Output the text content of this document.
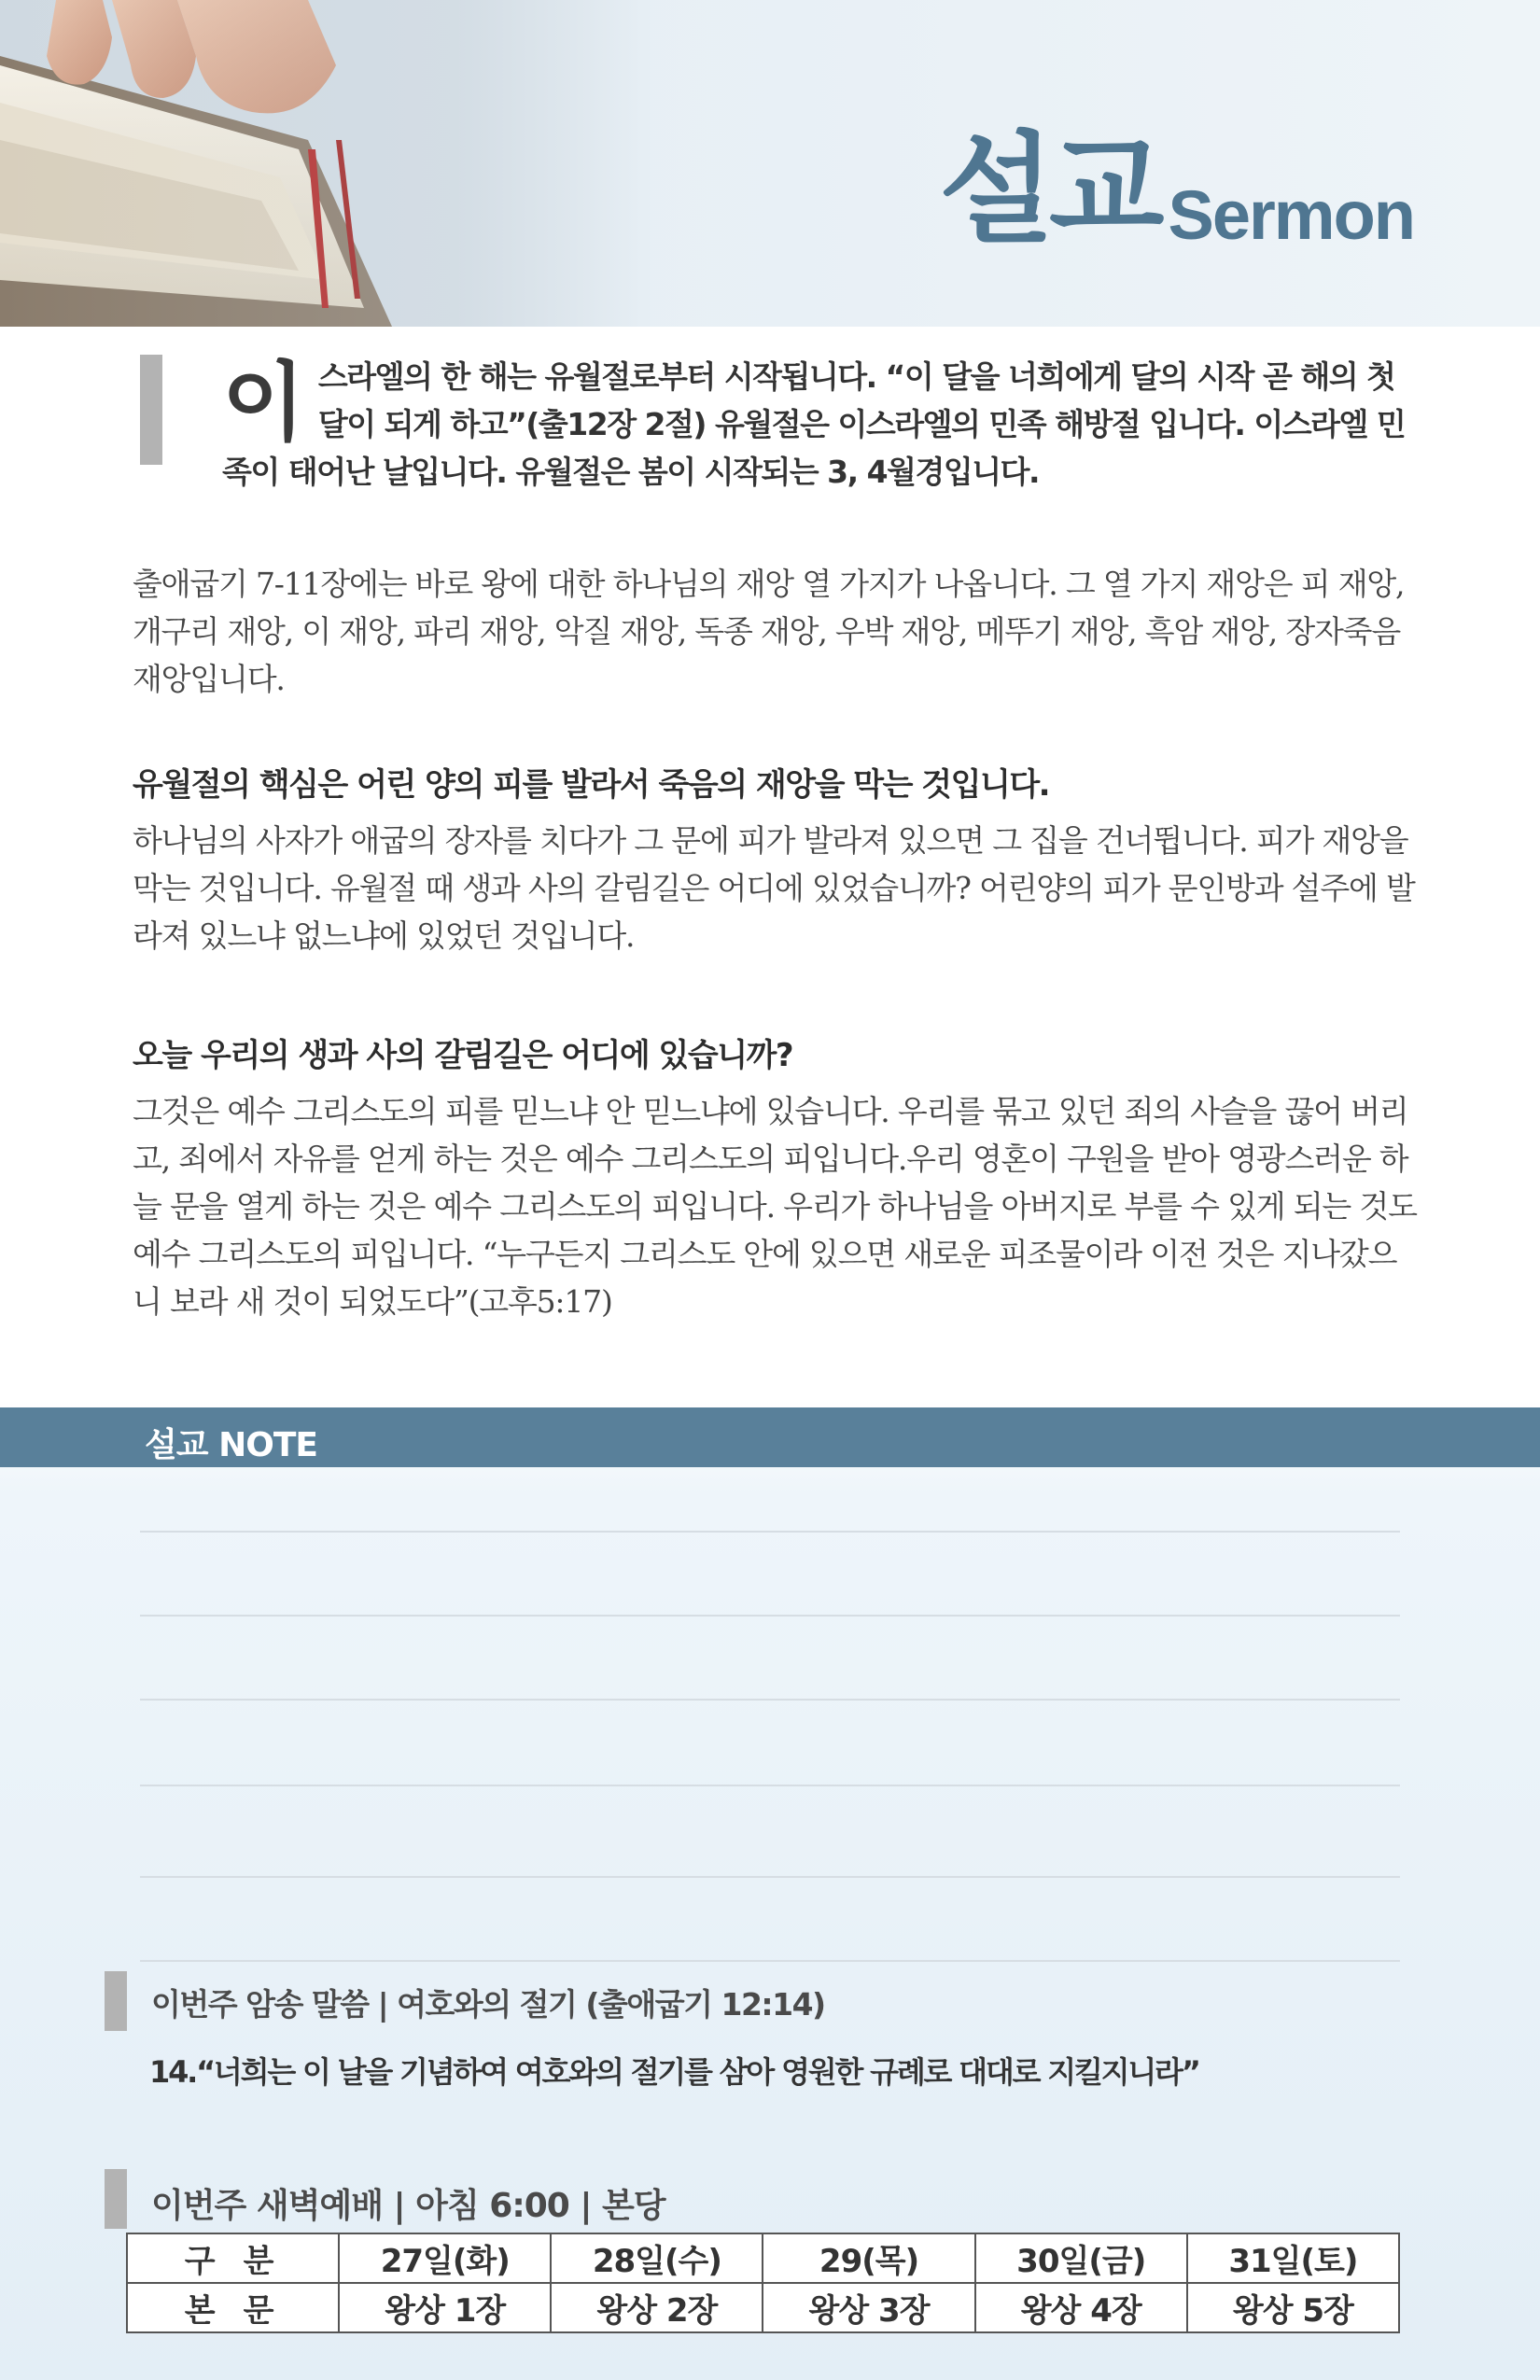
설교 Sermon
이 스라엘의 한 해는 유월절로부터 시작됩니다. “이 달을 너희에게 달의 시작 곧 해의 첫 달이 되게 하고”(출12장 2절) 유월절은 이스라엘의 민족 해방절 입니다. 이스라엘 민족이 태어난 날입니다. 유월절은 봄이 시작되는 3, 4월경입니다.

출애굽기 7-11장에는 바로 왕에 대한 하나님의 재앙 열 가지가 나옵니다. 그 열 가지 재앙은 피 재앙, 개구리 재앙, 이 재앙, 파리 재앙, 악질 재앙, 독종 재앙, 우박 재앙, 메뚜기 재앙, 흑암 재앙, 장자죽음 재앙입니다.

유월절의 핵심은 어린 양의 피를 발라서 죽음의 재앙을 막는 것입니다.

하나님의 사자가 애굽의 장자를 치다가 그 문에 피가 발라져 있으면 그 집을 건너뜁니다. 피가 재앙을 막는 것입니다. 유월절 때 생과 사의 갈림길은 어디에 있었습니까? 어린양의 피가 문인방과 설주에 발라져 있느냐 없느냐에 있었던 것입니다.

오늘 우리의 생과 사의 갈림길은 어디에 있습니까?

그것은 예수 그리스도의 피를 믿느냐 안 믿느냐에 있습니다. 우리를 묶고 있던 죄의 사슬을 끊어 버리고, 죄에서 자유를 얻게 하는 것은 예수 그리스도의 피입니다.우리 영혼이 구원을 받아 영광스러운 하늘 문을 열게 하는 것은 예수 그리스도의 피입니다. 우리가 하나님을 아버지로 부를 수 있게 되는 것도 예수 그리스도의 피입니다. “누구든지 그리스도 안에 있으면 새로운 피조물이라 이전 것은 지나갔으니 보라 새 것이 되었도다”(고후5:17)

설교 NOTE
이번주 암송 말씀 | 여호와의 절기 (출애굽기 12:14)
14.“너희는 이 날을 기념하여 여호와의 절기를 삼아 영원한 규례로 대대로 지킬지니라”
이번주 새벽예배 | 아침 6:00 | 본당
구분	27일(화)	28일(수)	29(목)	30일(금)	31일(토)
본문	왕상 1장	왕상 2장	왕상 3장	왕상 4장	왕상 5장
